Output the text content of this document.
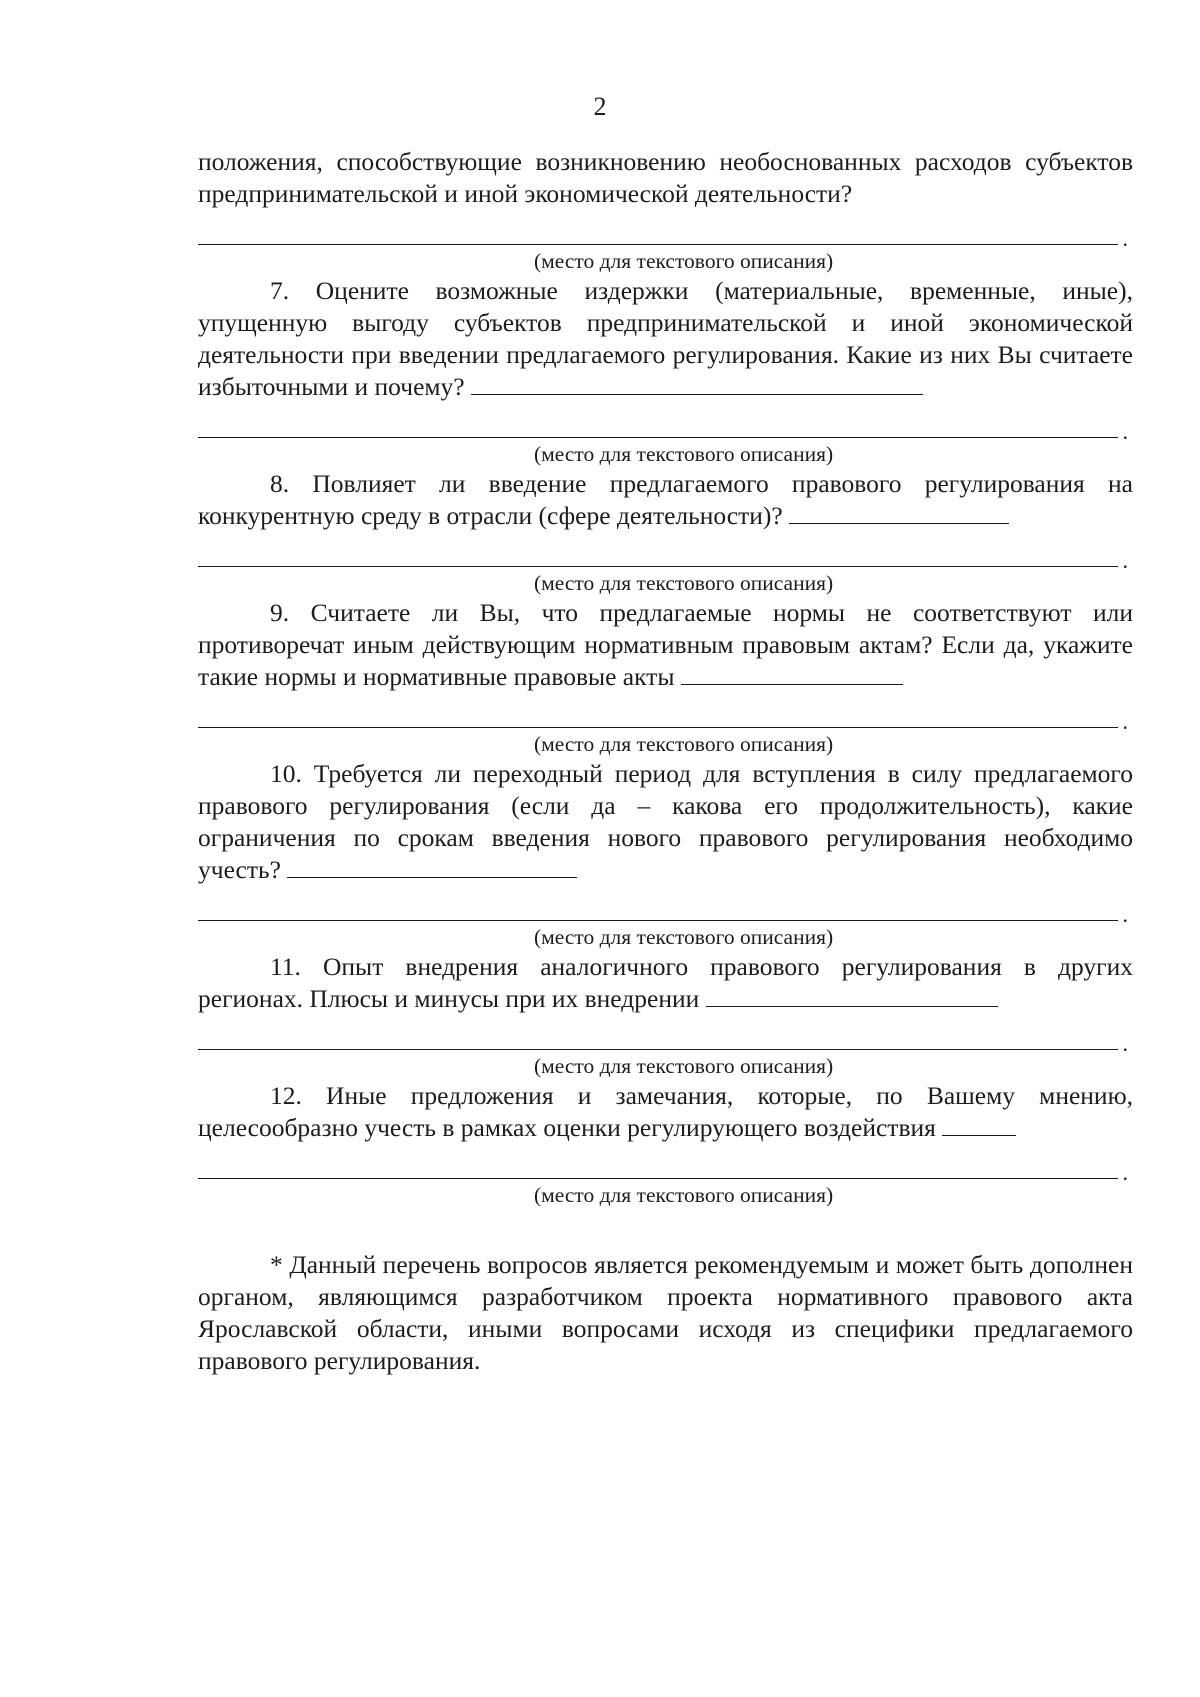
2

положения, способствующие возникновению необоснованных расходов субъектов предпринимательской и иной экономической деятельности?

.
(место для текстового описания)

7. Оцените возможные издержки (материальные, временные, иные), упущенную выгоду субъектов предпринимательской и иной экономической деятельности при введении предлагаемого регулирования. Какие из них Вы считаете избыточными и почему?

.
(место для текстового описания)

8. Повлияет ли введение предлагаемого правового регулирования на конкурентную среду в отрасли (сфере деятельности)?

.
(место для текстового описания)

9. Считаете ли Вы, что предлагаемые нормы не соответствуют или противоречат иным действующим нормативным правовым актам? Если да, укажите такие нормы и нормативные правовые акты

.
(место для текстового описания)

10. Требуется ли переходный период для вступления в силу предлагаемого правового регулирования (если да – какова его продолжительность), какие ограничения по срокам введения нового правового регулирования необходимо учесть?

.
(место для текстового описания)

11. Опыт внедрения аналогичного правового регулирования в других регионах. Плюсы и минусы при их внедрении

.
(место для текстового описания)

12. Иные предложения и замечания, которые, по Вашему мнению, целесообразно учесть в рамках оценки регулирующего воздействия

.
(место для текстового описания)

* Данный перечень вопросов является рекомендуемым и может быть дополнен органом, являющимся разработчиком проекта нормативного правового акта Ярославской области, иными вопросами исходя из специфики предлагаемого правового регулирования.
